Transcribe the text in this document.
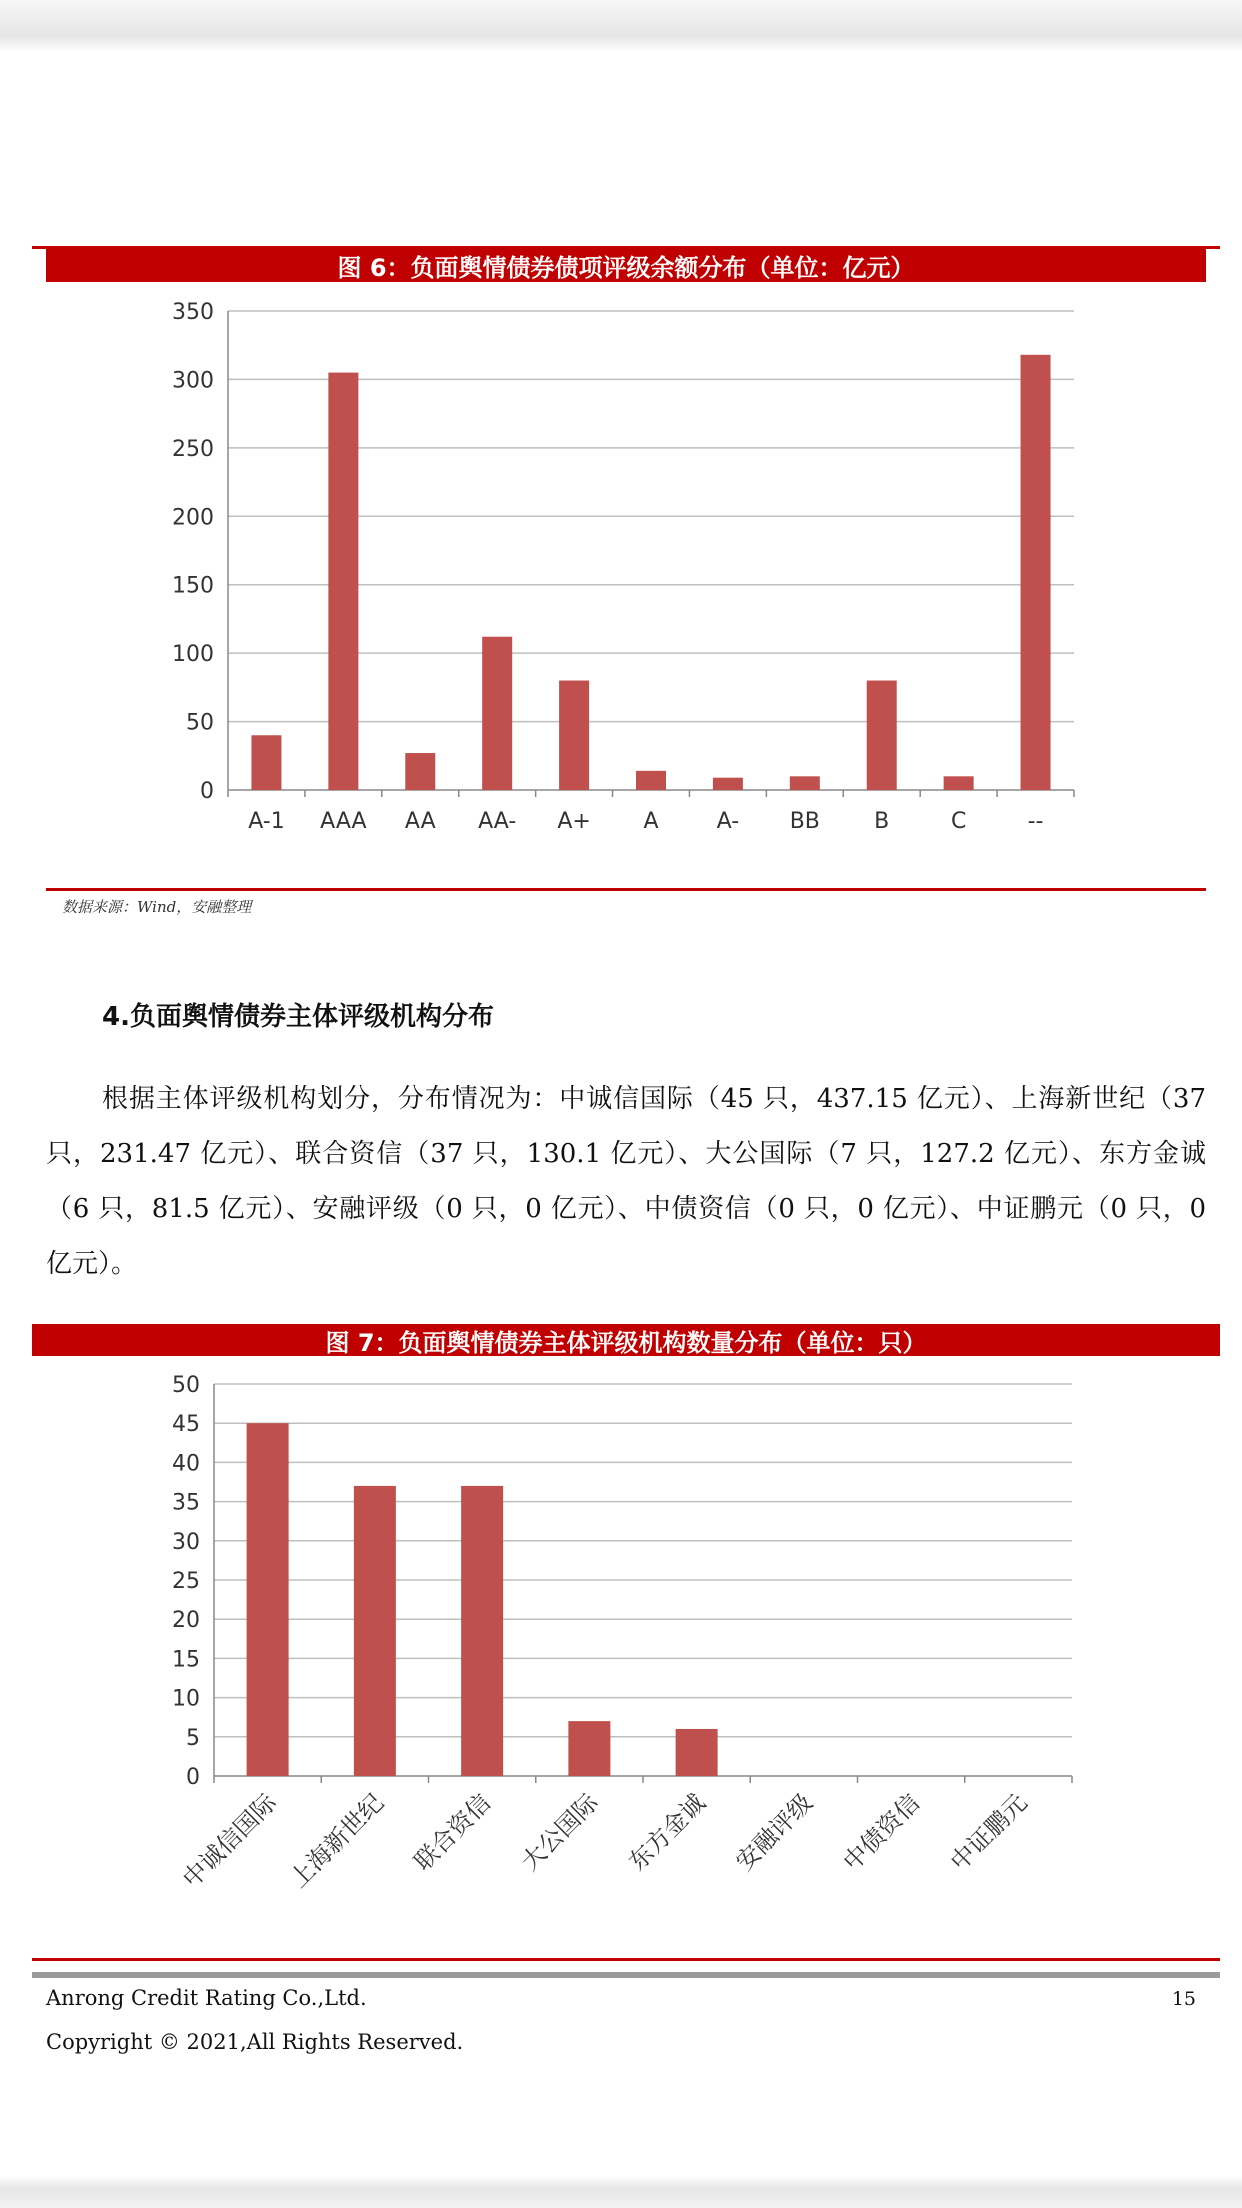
图 6：负面舆情债券债项评级余额分布（单位：亿元）
0
50
100
150
200
250
300
350
A-1 AAA AA AA- A+ A	A- BB B	C	--
数据来源：Wind，安融整理
4.负面舆情债券主体评级机构分布
根据主体评级机构划分，分布情况为：中诚信国际（45 只，437.15 亿元）、上海新世纪（37 只，231.47 亿元）、联合资信（37 只，130.1 亿元）、大公国际（7 只，127.2 亿元）、东方金诚（6 只，81.5 亿元）、安融评级（0 只，0 亿元）、中债资信（0 只，0 亿元）、中证鹏元（0 只，0 亿元）。
图 7：负面舆情债券主体评级机构数量分布（单位：只）
0
5
10
15
20
25
30
35
40
45
50
中诚信国际 上海新世纪 联合资信 大公国际 东方金诚 安融评级 中债资信 中证鹏元
Anrong Credit Rating Co.,Ltd.	15
Copyright © 2021,All Rights Reserved.
